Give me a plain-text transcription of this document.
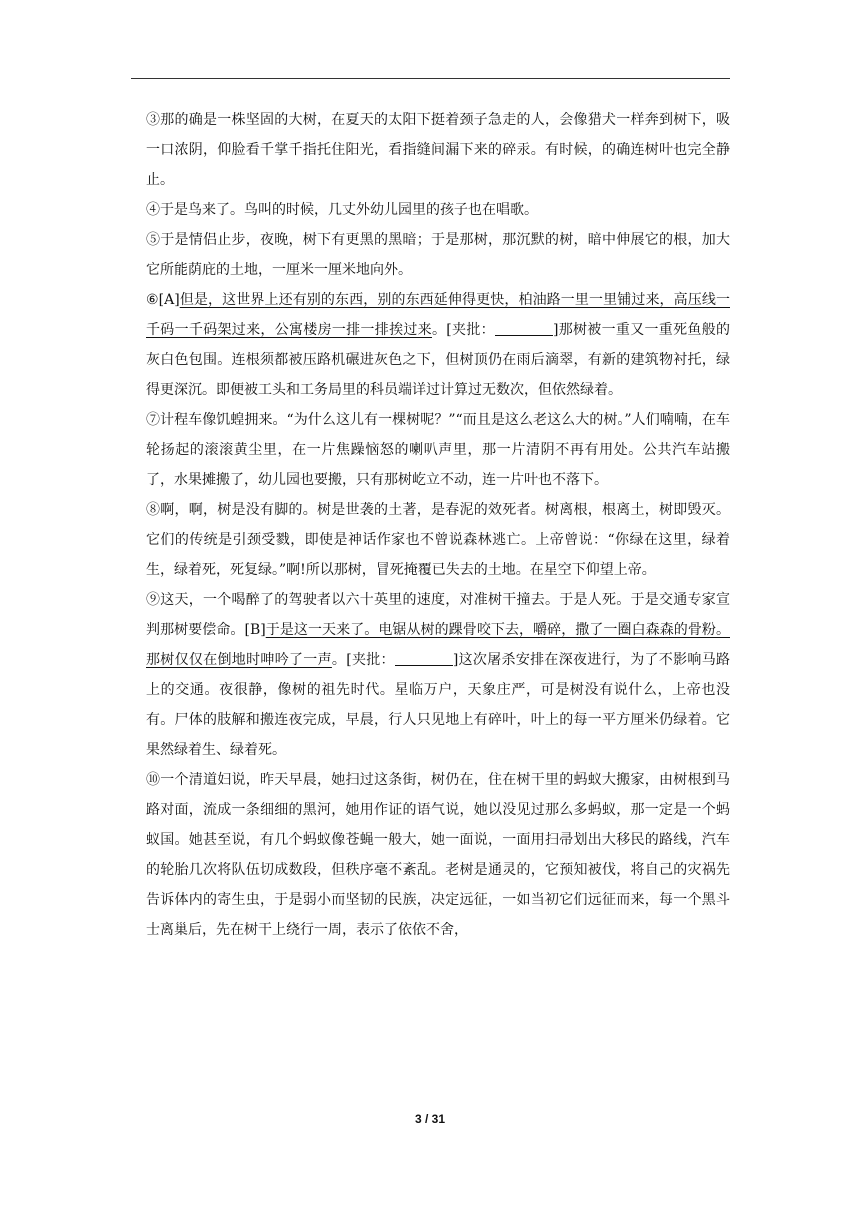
③那的确是一株坚固的大树，在夏天的太阳下挺着颈子急走的人，会像猎犬一样奔到树下，吸一口浓阴，仰脸看千掌千指托住阳光，看指缝间漏下来的碎汞。有时候，的确连树叶也完全静止。

④于是鸟来了。鸟叫的时候，几丈外幼儿园里的孩子也在唱歌。

⑤于是情侣止步，夜晚，树下有更黑的黑暗；于是那树，那沉默的树，暗中伸展它的根，加大它所能荫庇的土地，一厘米一厘米地向外。

⑥[A]但是，这世界上还有别的东西，别的东西延伸得更快，柏油路一里一里铺过来，高压线一千码一千码架过来，公寓楼房一排一排挨过来。[夹批：	]那树被一重又一重死鱼般的灰白色包围。连根须都被压路机碾进灰色之下，但树顶仍在雨后滴翠，有新的建筑物衬托，绿得更深沉。即便被工头和工务局里的科员端详过计算过无数次，但依然绿着。

⑦计程车像饥蝗拥来。“为什么这儿有一棵树呢？”“而且是这么老这么大的树。”人们喃喃，在车轮扬起的滚滚黄尘里，在一片焦躁恼怒的喇叭声里，那一片清阴不再有用处。公共汽车站搬了，水果摊搬了，幼儿园也要搬，只有那树屹立不动，连一片叶也不落下。

⑧啊，啊，树是没有脚的。树是世袭的土著，是春泥的效死者。树离根，根离土，树即毁灭。它们的传统是引颈受戮，即使是神话作家也不曾说森林逃亡。上帝曾说：“你绿在这里，绿着生，绿着死，死复绿。”啊!所以那树，冒死掩覆已失去的土地。在星空下仰望上帝。

⑨这天，一个喝醉了的驾驶者以六十英里的速度，对准树干撞去。于是人死。于是交通专家宣判那树要偿命。[B]于是这一天来了。电锯从树的踝骨咬下去，嚼碎，撒了一圈白森森的骨粉。那树仅仅在倒地时呻吟了一声。[夹批：	]这次屠杀安排在深夜进行，为了不影响马路上的交通。夜很静，像树的祖先时代。星临万户，天象庄严，可是树没有说什么，上帝也没有。尸体的肢解和搬连夜完成，早晨，行人只见地上有碎叶，叶上的每一平方厘米仍绿着。它果然绿着生、绿着死。

⑩一个清道妇说，昨天早晨，她扫过这条街，树仍在，住在树干里的蚂蚁大搬家，由树根到马路对面，流成一条细细的黑河，她用作证的语气说，她以没见过那么多蚂蚁，那一定是一个蚂蚁国。她甚至说，有几个蚂蚁像苍蝇一般大，她一面说，一面用扫帚划出大移民的路线，汽车的轮胎几次将队伍切成数段，但秩序毫不紊乱。老树是通灵的，它预知被伐，将自己的灾祸先告诉体内的寄生虫，于是弱小而坚韧的民族，决定远征，一如当初它们远征而来，每一个黑斗士离巢后，先在树干上绕行一周，表示了依依不舍，

3 / 31
